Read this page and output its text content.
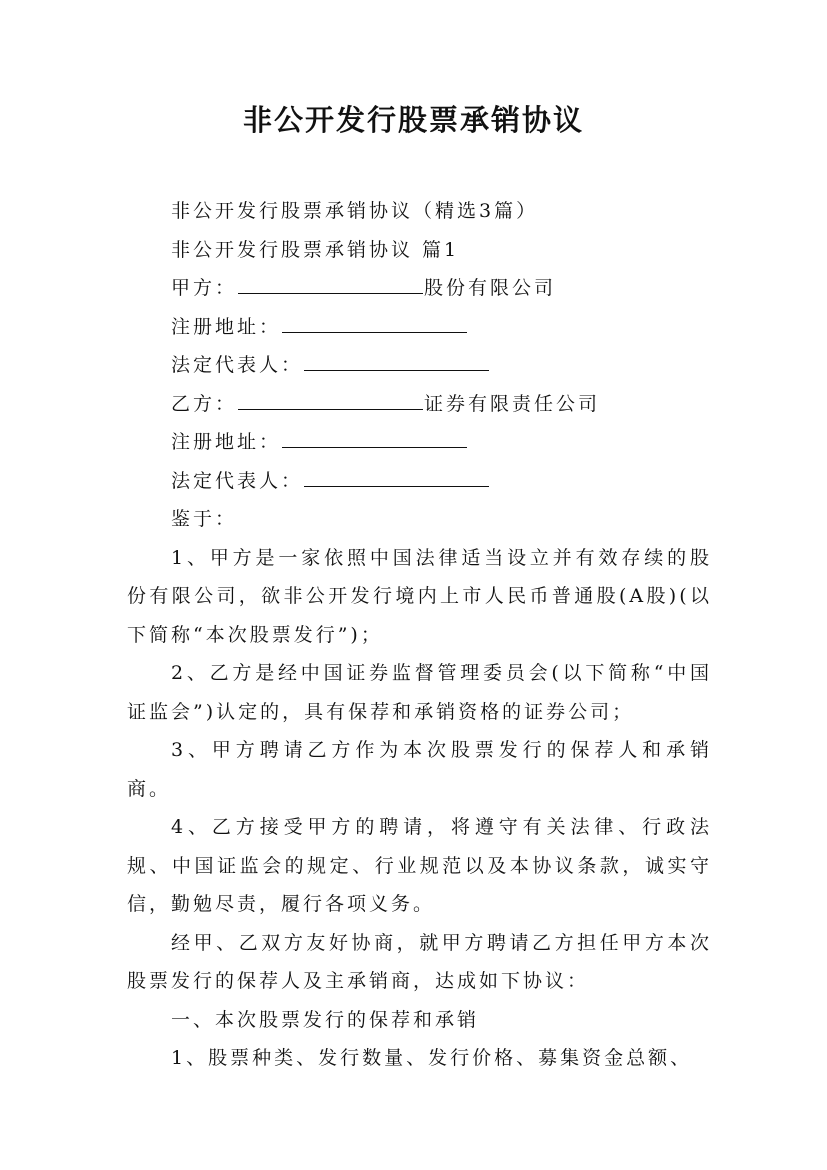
非公开发行股票承销协议
非公开发行股票承销协议（精选3篇）
非公开发行股票承销协议 篇1
甲方：	股份有限公司
注册地址：
法定代表人：
乙方：	证券有限责任公司
注册地址：
法定代表人：
鉴于：
1、甲方是一家依照中国法律适当设立并有效存续的股份有限公司，欲非公开发行境内上市人民币普通股(A股)(以下简称“本次股票发行”)；
2、乙方是经中国证券监督管理委员会(以下简称“中国证监会”)认定的，具有保荐和承销资格的证券公司；
3、甲方聘请乙方作为本次股票发行的保荐人和承销商。
4、乙方接受甲方的聘请，将遵守有关法律、行政法规、中国证监会的规定、行业规范以及本协议条款，诚实守信，勤勉尽责，履行各项义务。
经甲、乙双方友好协商，就甲方聘请乙方担任甲方本次股票发行的保荐人及主承销商，达成如下协议：
一、本次股票发行的保荐和承销
1、股票种类、发行数量、发行价格、募集资金总额、
